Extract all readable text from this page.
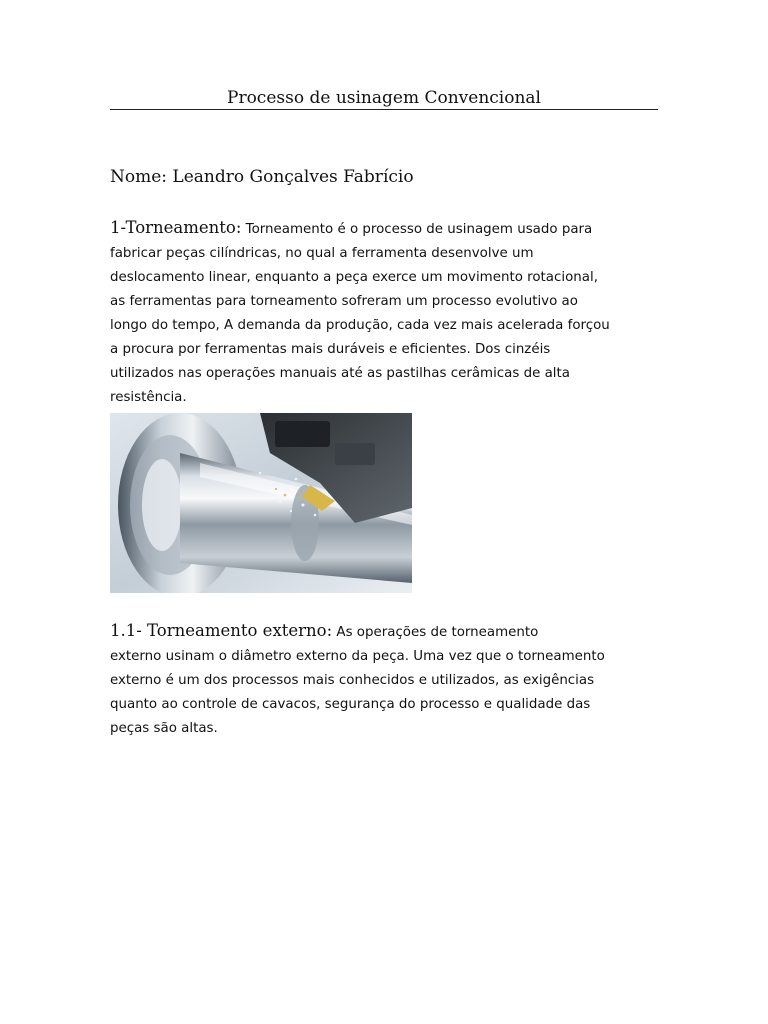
Processo de usinagem Convencional

Nome: Leandro Gonçalves Fabrício

1-Torneamento: Torneamento é o processo de usinagem usado para
fabricar peças cilíndricas, no qual a ferramenta desenvolve um
deslocamento linear, enquanto a peça exerce um movimento rotacional,
as ferramentas para torneamento sofreram um processo evolutivo ao
longo do tempo, A demanda da produção, cada vez mais acelerada forçou
a procura por ferramentas mais duráveis e eficientes. Dos cinzéis
utilizados nas operações manuais até as pastilhas cerâmicas de alta
resistência.

1.1- Torneamento externo: As operações de torneamento
externo usinam o diâmetro externo da peça. Uma vez que o torneamento
externo é um dos processos mais conhecidos e utilizados, as exigências
quanto ao controle de cavacos, segurança do processo e qualidade das
peças são altas.
